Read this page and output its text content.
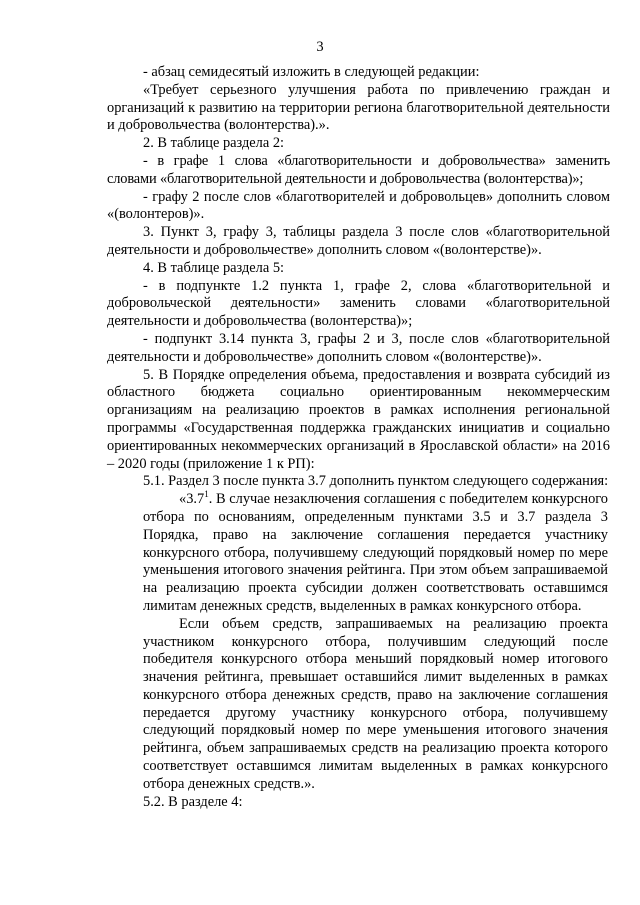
3

- абзац семидесятый изложить в следующей редакции:

«Требует серьезного улучшения работа по привлечению граждан и организаций к развитию на территории региона благотворительной деятельности и добровольчества (волонтерства).».

2. В таблице раздела 2:

- в графе 1 слова «благотворительности и добровольчества» заменить словами «благотворительной деятельности и добровольчества (волонтерства)»;

- графу 2 после слов «благотворителей и добровольцев» дополнить словом «(волонтеров)».

3. Пункт 3, графу 3, таблицы раздела 3 после слов «благотворительной деятельности и добровольчестве» дополнить словом «(волонтерстве)».

4. В таблице раздела 5:

- в подпункте 1.2 пункта 1, графе 2, слова «благотворительной и добровольческой деятельности» заменить словами «благотворительной деятельности и добровольчества (волонтерства)»;

- подпункт 3.14 пункта 3, графы 2 и 3, после слов «благотворительной деятельности и добровольчестве» дополнить словом «(волонтерстве)».

5. В Порядке определения объема, предоставления и возврата субсидий из областного бюджета социально ориентированным некоммерческим организациям на реализацию проектов в рамках исполнения региональной программы «Государственная поддержка гражданских инициатив и социально ориентированных некоммерческих организаций в Ярославской области» на 2016 – 2020 годы (приложение 1 к РП):

5.1. Раздел 3 после пункта 3.7 дополнить пунктом следующего содержания:

«$3.7^1$. В случае незаключения соглашения с победителем конкурсного отбора по основаниям, определенным пунктами 3.5 и 3.7 раздела 3 Порядка, право на заключение соглашения передается участнику конкурсного отбора, получившему следующий порядковый номер по мере уменьшения итогового значения рейтинга. При этом объем запрашиваемой на реализацию проекта субсидии должен соответствовать оставшимся лимитам денежных средств, выделенных в рамках конкурсного отбора.

Если объем средств, запрашиваемых на реализацию проекта участником конкурсного отбора, получившим следующий после победителя конкурсного отбора меньший порядковый номер итогового значения рейтинга, превышает оставшийся лимит выделенных в рамках конкурсного отбора денежных средств, право на заключение соглашения передается другому участнику конкурсного отбора, получившему следующий порядковый номер по мере уменьшения итогового значения рейтинга, объем запрашиваемых средств на реализацию проекта которого соответствует оставшимся лимитам выделенных в рамках конкурсного отбора денежных средств.».

5.2. В разделе 4:
